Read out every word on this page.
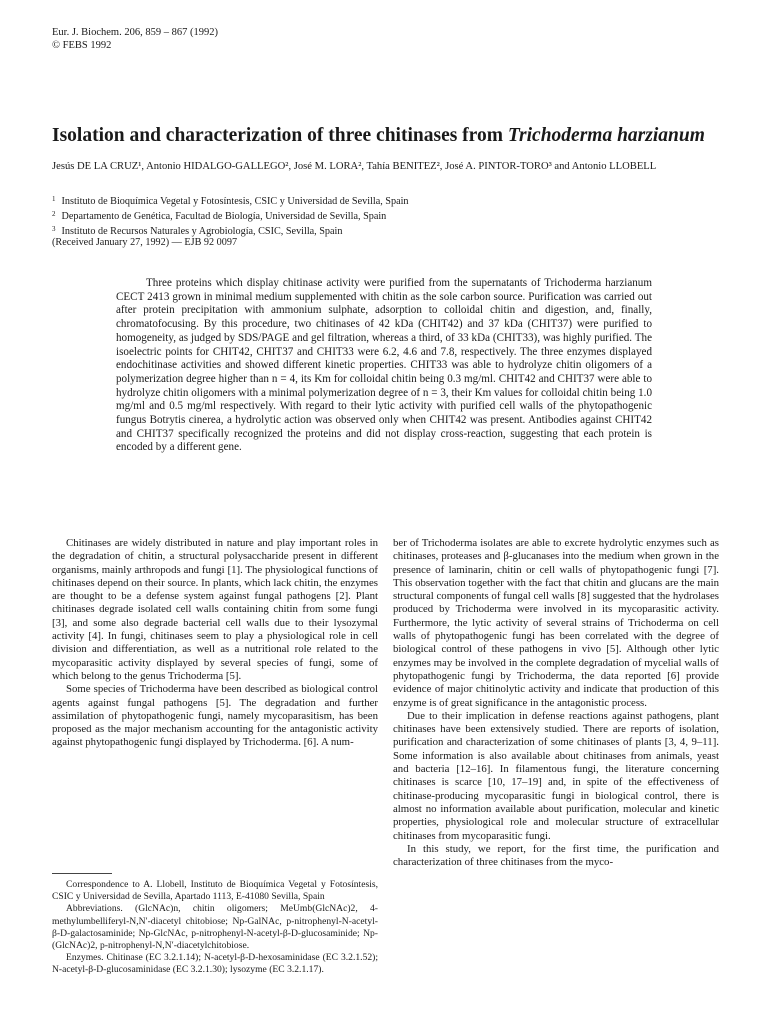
Eur. J. Biochem. 206, 859 – 867 (1992)
© FEBS 1992
Isolation and characterization of three chitinases from Trichoderma harzianum
Jesús DE LA CRUZ¹, Antonio HIDALGO-GALLEGO², José M. LORA², Tahía BENITEZ², José A. PINTOR-TORO³ and Antonio LLOBELL
$^1$ Instituto de Bioquímica Vegetal y Fotosíntesis, CSIC y Universidad de Sevilla, Spain
$^2$ Departamento de Genética, Facultad de Biología, Universidad de Sevilla, Spain
$^3$ Instituto de Recursos Naturales y Agrobiología, CSIC, Sevilla, Spain
(Received January 27, 1992) — EJB 92 0097
Three proteins which display chitinase activity were purified from the supernatants of Trichoderma harzianum CECT 2413 grown in minimal medium supplemented with chitin as the sole carbon source. Purification was carried out after protein precipitation with ammonium sulphate, adsorption to colloidal chitin and digestion, and, finally, chromatofocusing. By this procedure, two chitinases of 42 kDa (CHIT42) and 37 kDa (CHIT37) were purified to homogeneity, as judged by SDS/PAGE and gel filtration, whereas a third, of 33 kDa (CHIT33), was highly purified. The isoelectric points for CHIT42, CHIT37 and CHIT33 were 6.2, 4.6 and 7.8, respectively. The three enzymes displayed endochitinase activities and showed different kinetic properties. CHIT33 was able to hydrolyze chitin oligomers of a polymerization degree higher than n = 4, its Km for colloidal chitin being 0.3 mg/ml. CHIT42 and CHIT37 were able to hydrolyze chitin oligomers with a minimal polymerization degree of n = 3, their Km values for colloidal chitin being 1.0 mg/ml and 0.5 mg/ml respectively. With regard to their lytic activity with purified cell walls of the phytopathogenic fungus Botrytis cinerea, a hydrolytic action was observed only when CHIT42 was present. Antibodies against CHIT42 and CHIT37 specifically recognized the proteins and did not display cross-reaction, suggesting that each protein is encoded by a different gene.

Chitinases are widely distributed in nature and play important roles in the degradation of chitin, a structural polysaccharide present in different organisms, mainly arthropods and fungi [1]. The physiological functions of chitinases depend on their source. In plants, which lack chitin, the enzymes are thought to be a defense system against fungal pathogens [2]. Plant chitinases degrade isolated cell walls containing chitin from some fungi [3], and some also degrade bacterial cell walls due to their lysozymal activity [4]. In fungi, chitinases seem to play a physiological role in cell division and differentiation, as well as a nutritional role related to the mycoparasitic activity displayed by several species of fungi, some of which belong to the genus Trichoderma [5].

Some species of Trichoderma have been described as biological control agents against fungal pathogens [5]. The degradation and further assimilation of phytopathogenic fungi, namely mycoparasitism, has been proposed as the major mechanism accounting for the antagonistic activity against phytopathogenic fungi displayed by Trichoderma. [6]. A num-

ber of Trichoderma isolates are able to excrete hydrolytic enzymes such as chitinases, proteases and β-glucanases into the medium when grown in the presence of laminarin, chitin or cell walls of phytopathogenic fungi [7]. This observation together with the fact that chitin and glucans are the main structural components of fungal cell walls [8] suggested that the hydrolases produced by Trichoderma were involved in its mycoparasitic activity. Furthermore, the lytic activity of several strains of Trichoderma on cell walls of phytopathogenic fungi has been correlated with the degree of biological control of these pathogens in vivo [5]. Although other lytic enzymes may be involved in the complete degradation of mycelial walls of phytopathogenic fungi by Trichoderma, the data reported [6] provide evidence of major chitinolytic activity and indicate that production of this enzyme is of great significance in the antagonistic process.

Due to their implication in defense reactions against pathogens, plant chitinases have been extensively studied. There are reports of isolation, purification and characterization of some chitinases of plants [3, 4, 9–11]. Some information is also available about chitinases from animals, yeast and bacteria [12–16]. In filamentous fungi, the literature concerning chitinases is scarce [10, 17–19] and, in spite of the effectiveness of chitinase-producing mycoparasitic fungi in biological control, there is almost no information available about purification, molecular and kinetic properties, physiological role and molecular structure of extracellular chitinases from mycoparasitic fungi.

In this study, we report, for the first time, the purification and characterization of three chitinases from the myco-

Correspondence to A. Llobell, Instituto de Bioquímica Vegetal y Fotosíntesis, CSIC y Universidad de Sevilla, Apartado 1113, E-41080 Sevilla, Spain

Abbreviations. (GlcNAc)n, chitin oligomers; MeUmb(GlcNAc)2, 4-methylumbelliferyl-N,N′-diacetyl chitobiose; Np-GalNAc, p-nitrophenyl-N-acetyl-β-D-galactosaminide; Np-GlcNAc, p-nitrophenyl-N-acetyl-β-D-glucosaminide; Np-(GlcNAc)2, p-nitrophenyl-N,N′-diacetylchitobiose.

Enzymes. Chitinase (EC 3.2.1.14); N-acetyl-β-D-hexosaminidase (EC 3.2.1.52); N-acetyl-β-D-glucosaminidase (EC 3.2.1.30); lysozyme (EC 3.2.1.17).
